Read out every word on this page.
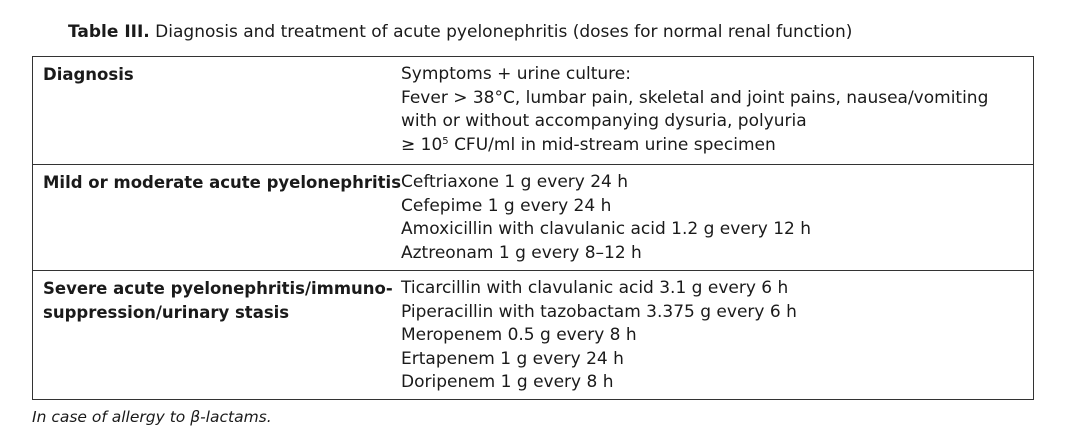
Table III. Diagnosis and treatment of acute pyelonephritis (doses for normal renal function)
Diagnosis	Symptoms + urine culture:
Fever > 38°C, lumbar pain, skeletal and joint pains, nausea/vomiting
with or without accompanying dysuria, polyuria
≥ $10^5$ CFU/ml in mid-stream urine specimen
Mild or moderate acute pyelonephritis Ceftriaxone 1 g every 24 h
Cefepime 1 g every 24 h
Amoxicillin with clavulanic acid 1.2 g every 12 h
Aztreonam 1 g every 8–12 h
Severe acute pyelonephritis/immuno-
suppression/urinary stasis
Ticarcillin with clavulanic acid 3.1 g every 6 h
Piperacillin with tazobactam 3.375 g every 6 h
Meropenem 0.5 g every 8 h
Ertapenem 1 g every 24 h
Doripenem 1 g every 8 h
In case of allergy to β-lactams.
